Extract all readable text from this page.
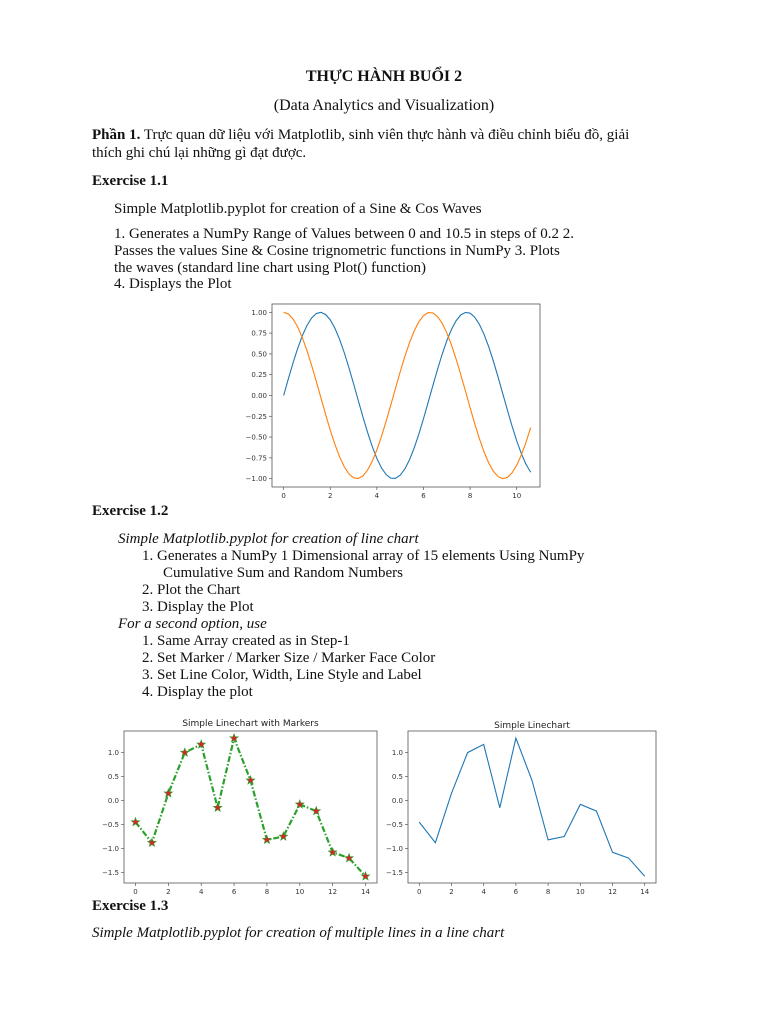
THỰC HÀNH BUỔI 2
(Data Analytics and Visualization)
Phần 1. Trực quan dữ liệu với Matplotlib, sinh viên thực hành và điều chỉnh biểu đồ, giải
thích ghi chú lại những gì đạt được.
Exercise 1.1
Simple Matplotlib.pyplot for creation of a Sine & Cos Waves
1. Generates a NumPy Range of Values between 0 and 10.5 in steps of 0.2 2.
Passes the values Sine & Cosine trignometric functions in NumPy 3. Plots
the waves (standard line chart using Plot() function)
4. Displays the Plot
0	2	4	6	8	10
1.00
0.75
0.50
0.25
0.00
−0.25
−0.50
−0.75
−1.00
Exercise 1.2
Simple Matplotlib.pyplot for creation of line chart
1. Generates a NumPy 1 Dimensional array of 15 elements Using NumPy
Cumulative Sum and Random Numbers
2. Plot the Chart
3. Display the Plot
For a second option, use
1. Same Array created as in Step-1
2. Set Marker / Marker Size / Marker Face Color
3. Set Line Color, Width, Line Style and Label
4. Display the plot
Simple Linechart with Markers
0	2	4	6	8	10	12	14
1.0
0.5
0.0
−0.5
−1.0
−1.5
Simple Linechart
0	2	4	6	8	10	12	14
1.0
0.5
0.0
−0.5
−1.0
−1.5
Exercise 1.3
Simple Matplotlib.pyplot for creation of multiple lines in a line chart
